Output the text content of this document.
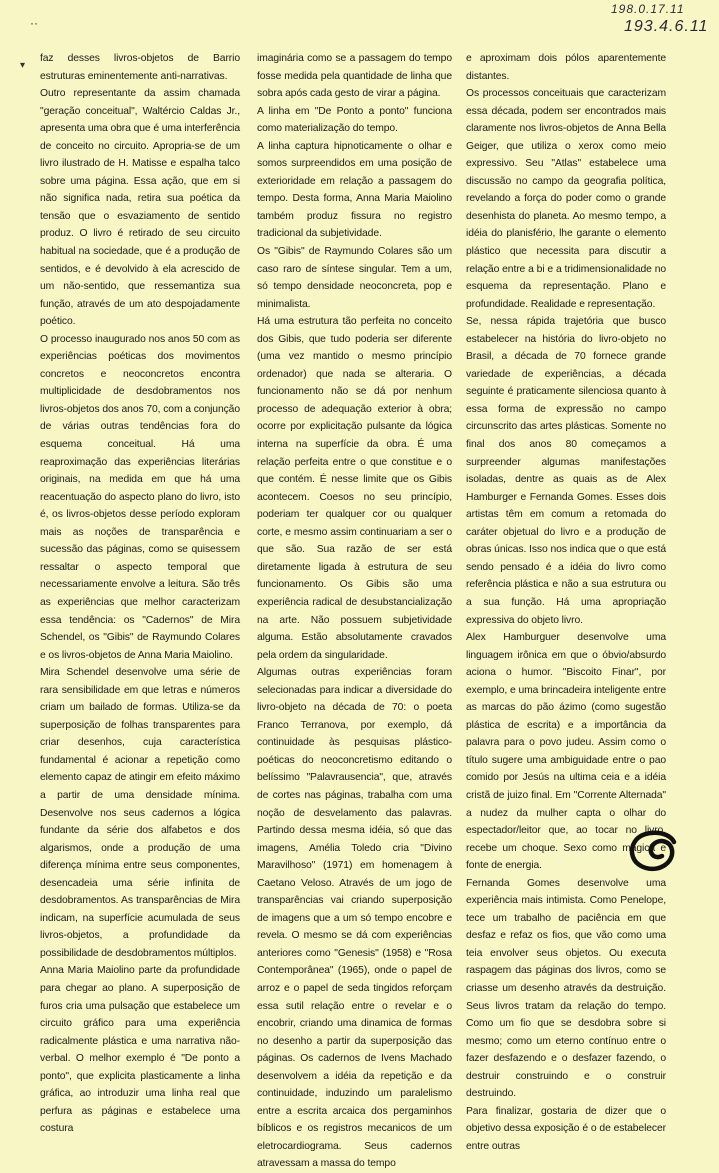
198.0.17.11
193.4.6.11
··
▾

faz desses livros-objetos de Barrio estruturas eminentemente anti-narrativas.

Outro representante da assim chamada "geração conceitual", Waltércio Caldas Jr., apresenta uma obra que é uma interferência de conceito no circuito. Apropria-se de um livro ilustrado de H. Matisse e espalha talco sobre uma página. Essa ação, que em si não significa nada, retira sua poética da tensão que o esvaziamento de sentido produz. O livro é retirado de seu circuito habitual na sociedade, que é a produção de sentidos, e é devolvido à ela acrescido de um não-sentido, que ressemantiza sua função, através de um ato despojadamente poético.

O processo inaugurado nos anos 50 com as experiências poéticas dos movimentos concretos e neoconcretos encontra multiplicidade de desdobramentos nos livros-objetos dos anos 70, com a conjunção de várias outras tendências fora do esquema conceitual. Há uma reaproximação das experiências literárias originais, na medida em que há uma reacentuação do aspecto plano do livro, isto é, os livros-objetos desse período exploram mais as noções de transparência e sucessão das páginas, como se quisessem ressaltar o aspecto temporal que necessariamente envolve a leitura. São três as experiências que melhor caracterizam essa tendência: os "Cadernos" de Mira Schendel, os "Gibis" de Raymundo Colares e os livros-objetos de Anna Maria Maiolino.

Mira Schendel desenvolve uma série de rara sensibilidade em que letras e números criam um bailado de formas. Utiliza-se da superposição de folhas transparentes para criar desenhos, cuja característica fundamental é acionar a repetição como elemento capaz de atingir em efeito máximo a partir de uma densidade mínima. Desenvolve nos seus cadernos a lógica fundante da série dos alfabetos e dos algarismos, onde a produção de uma diferença mínima entre seus componentes, desencadeia uma série infinita de desdobramentos. As transparências de Mira indicam, na superfície acumulada de seus livros-objetos, a profundidade da possibilidade de desdobramentos múltiplos.

Anna Maria Maiolino parte da profundidade para chegar ao plano. A superposição de furos cria uma pulsação que estabelece um circuito gráfico para uma experiência radicalmente plástica e uma narrativa não-verbal. O melhor exemplo é "De ponto a ponto", que explicita plasticamente a linha gráfica, ao introduzir uma linha real que perfura as páginas e estabelece uma costura

imaginária como se a passagem do tempo fosse medida pela quantidade de linha que sobra após cada gesto de virar a página.

A linha em "De Ponto a ponto" funciona como materialização do tempo.

A linha captura hipnoticamente o olhar e somos surpreendidos em uma posição de exterioridade em relação a passagem do tempo. Desta forma, Anna Maria Maiolino também produz fissura no registro tradicional da subjetividade.

Os "Gibis" de Raymundo Colares são um caso raro de síntese singular. Tem a um, só tempo densidade neoconcreta, pop e minimalista.

Há uma estrutura tão perfeita no conceito dos Gibis, que tudo poderia ser diferente (uma vez mantido o mesmo princípio ordenador) que nada se alteraria. O funcionamento não se dá por nenhum processo de adequação exterior à obra; ocorre por explicitação pulsante da lógica interna na superfície da obra. É uma relação perfeita entre o que constitue e o que contém. É nesse limite que os Gibis acontecem. Coesos no seu princípio, poderiam ter qualquer cor ou qualquer corte, e mesmo assim continuariam a ser o que são. Sua razão de ser está diretamente ligada à estrutura de seu funcionamento. Os Gibis são uma experiência radical de desubstancialização na arte. Não possuem subjetividade alguma. Estão absolutamente cravados pela ordem da singularidade.

Algumas outras experiências foram selecionadas para indicar a diversidade do livro-objeto na década de 70: o poeta Franco Terranova, por exemplo, dá continuidade às pesquisas plástico-poéticas do neoconcretismo editando o belíssimo "Palavrausencia", que, através de cortes nas páginas, trabalha com uma noção de desvelamento das palavras. Partindo dessa mesma idéia, só que das imagens, Amélia Toledo cria "Divino Maravilhoso" (1971) em homenagem à Caetano Veloso. Através de um jogo de transparências vai criando superposição de imagens que a um só tempo encobre e revela. O mesmo se dá com experiências anteriores como "Genesis" (1958) e "Rosa Contemporânea" (1965), onde o papel de arroz e o papel de seda tingidos reforçam essa sutil relação entre o revelar e o encobrir, criando uma dinamica de formas no desenho a partir da superposição das páginas. Os cadernos de Ivens Machado desenvolvem a idéia da repetição e da continuidade, induzindo um paralelismo entre a escrita arcaica dos pergaminhos bíblicos e os registros mecanicos de um eletrocardiograma. Seus cadernos atravessam a massa do tempo

e aproximam dois pólos aparentemente distantes.

Os processos conceituais que caracterizam essa década, podem ser encontrados mais claramente nos livros-objetos de Anna Bella Geiger, que utiliza o xerox como meio expressivo. Seu "Atlas" estabelece uma discussão no campo da geografia política, revelando a força do poder como o grande desenhista do planeta. Ao mesmo tempo, a idéia do planisfério, lhe garante o elemento plástico que necessita para discutir a relação entre a bi e a tridimensionalidade no esquema da representação. Plano e profundidade. Realidade e representação.

Se, nessa rápida trajetória que busco estabelecer na história do livro-objeto no Brasil, a década de 70 fornece grande variedade de experiências, a década seguinte é praticamente silenciosa quanto à essa forma de expressão no campo circunscrito das artes plásticas. Somente no final dos anos 80 começamos a surpreender algumas manifestações isoladas, dentre as quais as de Alex Hamburger e Fernanda Gomes. Esses dois artistas têm em comum a retomada do caráter objetual do livro e a produção de obras únicas. Isso nos indica que o que está sendo pensado é a idéia do livro como referência plástica e não a sua estrutura ou a sua função. Há uma apropriação expressiva do objeto livro.

Alex Hamburguer desenvolve uma linguagem irônica em que o óbvio/absurdo aciona o humor. "Biscoito Finar", por exemplo, e uma brincadeira inteligente entre as marcas do pão ázimo (como sugestão plástica de escrita) e a importância da palavra para o povo judeu. Assim como o título sugere uma ambiguidade entre o pao comido por Jesús na ultima ceia e a idéia cristã de juizo final. Em "Corrente Alternada" a nudez da mulher capta o olhar do espectador/leitor que, ao tocar no livro, recebe um choque. Sexo como mágica e fonte de energia.

Fernanda Gomes desenvolve uma experiência mais intimista. Como Penelope, tece um trabalho de paciência em que desfaz e refaz os fios, que vão como uma teia envolver seus objetos. Ou executa raspagem das páginas dos livros, como se criasse um desenho através da destruição. Seus livros tratam da relação do tempo. Como um fio que se desdobra sobre si mesmo; como um eterno contínuo entre o fazer desfazendo e o desfazer fazendo, o destruir construindo e o construir destruindo.

Para finalizar, gostaria de dizer que o objetivo dessa exposição é o de estabelecer entre outras
